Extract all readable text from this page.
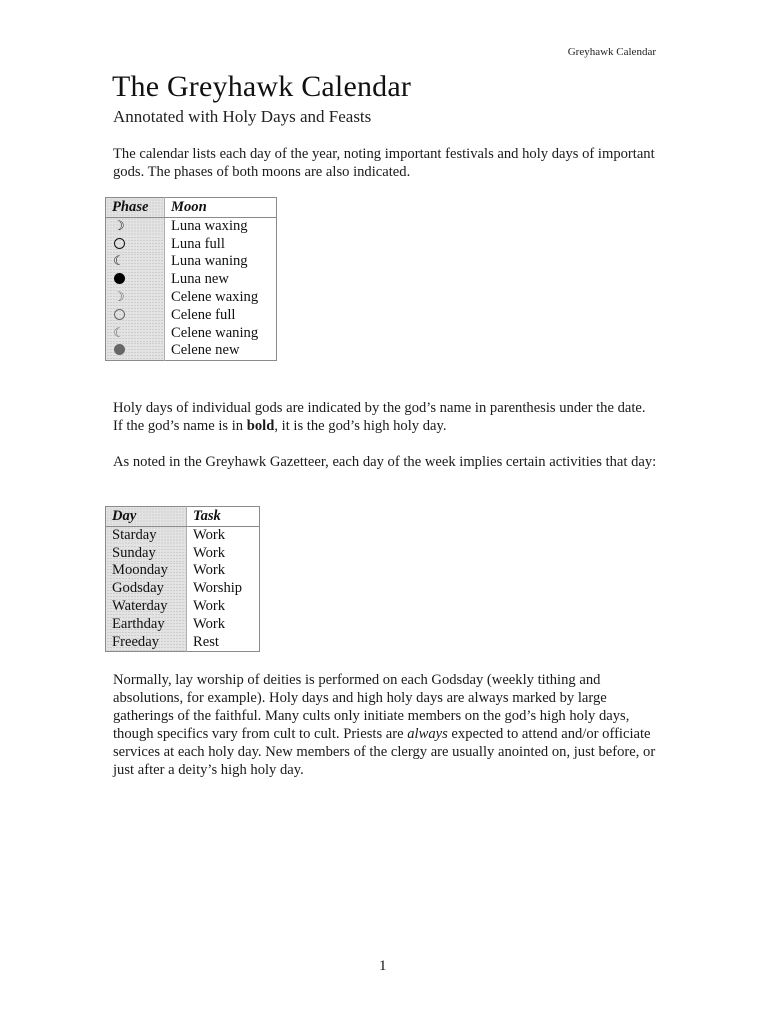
Greyhawk Calendar
The Greyhawk Calendar
Annotated with Holy Days and Feasts

The calendar lists each day of the year, noting important festivals and holy days of important gods. The phases of both moons are also indicated.

Phase	Moon
☽	Luna waxing
	Luna full
☾	Luna waning
	Luna new
☽	Celene waxing
	Celene full
☾	Celene waning
	Celene new

Holy days of individual gods are indicated by the god’s name in parenthesis under the date. If the god’s name is in bold, it is the god’s high holy day.

As noted in the Greyhawk Gazetteer, each day of the week implies certain activities that day:

Day	Task
Starday	Work
Sunday	Work
Moonday	Work
Godsday	Worship
Waterday	Work
Earthday	Work
Freeday	Rest

Normally, lay worship of deities is performed on each Godsday (weekly tithing and absolutions, for example). Holy days and high holy days are always marked by large gatherings of the faithful. Many cults only initiate members on the god’s high holy days, though specifics vary from cult to cult. Priests are always expected to attend and/or officiate services at each holy day. New members of the clergy are usually anointed on, just before, or just after a deity’s high holy day.

1
